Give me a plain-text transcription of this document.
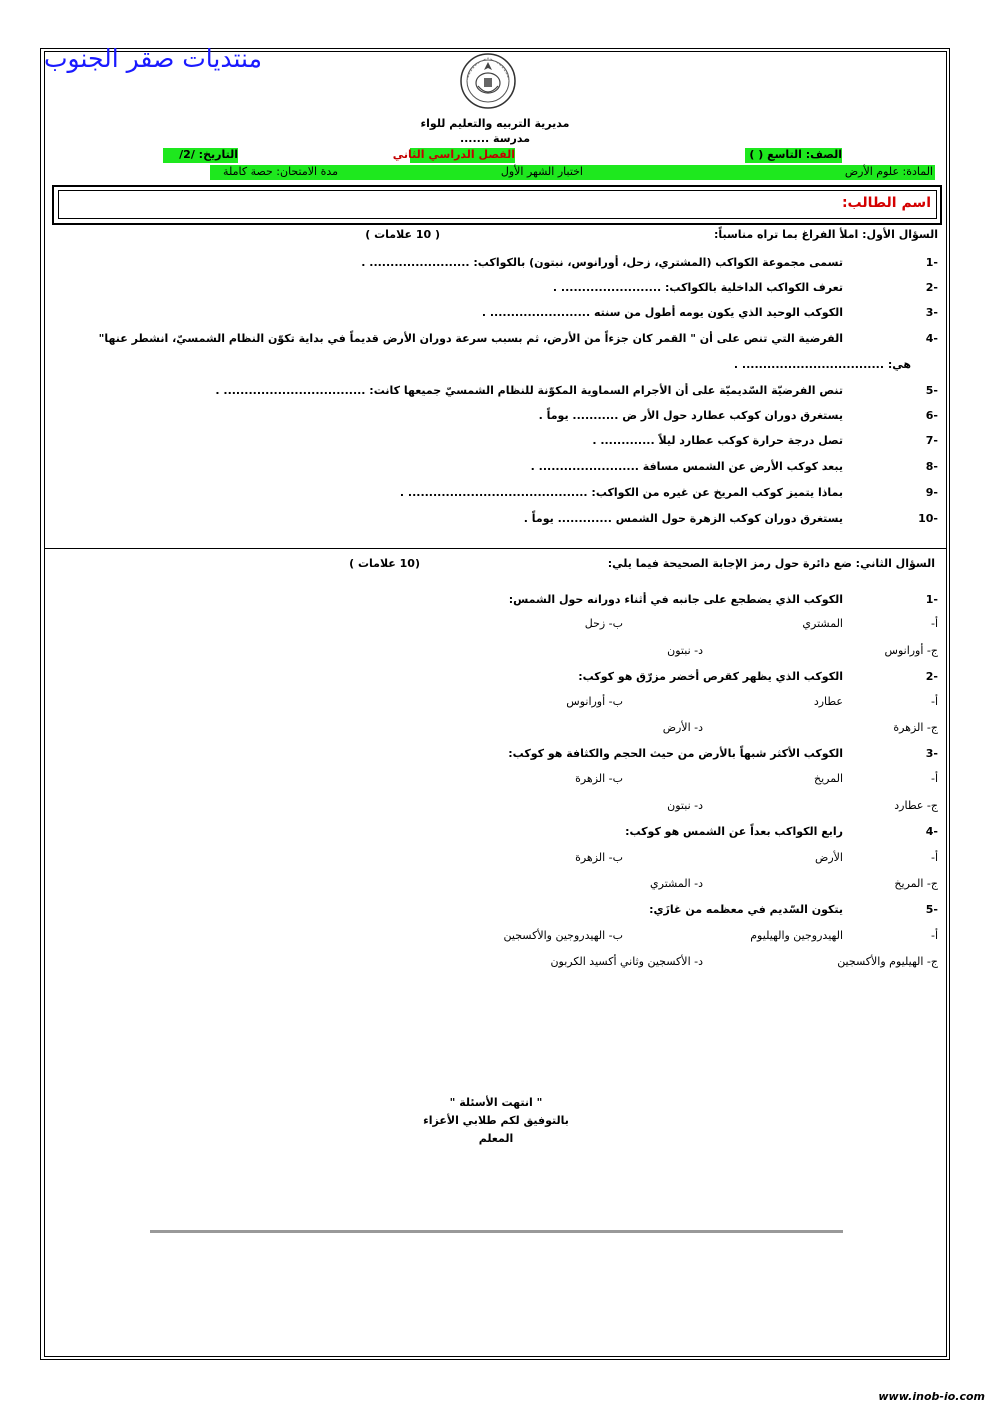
منتديات صقر الجنوب
مديرية التربيه والتعليم للواء
مدرسة .......
الصف: التاسع ( )
الفصل الدراسي الثاني
التاريخ: /2/
المادة: علوم الأرض
اختبار الشهر الأول
مدة الامتحان: حصة كاملة
اسم الطالب:
السؤال الأول: املأ الفراغ بما تراه مناسباً:
( 10 علامات )
-1
تسمى مجموعة الكواكب (المشتري، زحل، أورانوس، نبتون) بالكواكب: ........................ .
-2
تعرف الكواكب الداخلية بالكواكب: ........................ .
-3
الكوكب الوحيد الذي يكون يومه أطول من سنته ........................ .
-4
الفرضية التي تنص على أن " القمر كان جزءاً من الأرض، ثم بسبب سرعة دوران الأرض قديماً في بداية تكوّن النظام الشمسيّ، انشطر عنها"
هي: .................................. .
-5
تنص الفرضيّة السّديميّة على أن الأجرام السماوية المكوّنة للنظام الشمسيّ جميعها كانت: .................................. .
-6
يستغرق دوران كوكب عطارد حول الأر ض ........... يوماً .
-7
تصل درجة حرارة كوكب عطارد ليلاً ............. .
-8
يبعد كوكب الأرض عن الشمس مسافة ........................ .
-9
بماذا يتميز كوكب المريخ عن غيره من الكواكب: ........................................... .
-10
يستغرق دوران كوكب الزهرة حول الشمس ............. يوماً .
السؤال الثاني: ضع دائرة حول رمز الإجابة الصحيحة فيما يلي:
(10 علامات )
-1
الكوكب الذي يضطجع على جانبه في أثناء دورانه حول الشمس:
أ-
المشتري
ب- زحل
ج- أورانوس
د- نبتون
-2
الكوكب الذي يظهر كقرص أخضر مزرّق هو كوكب:
أ-
عطارد
ب- أورانوس
ج- الزهرة
د- الأرض
-3
الكوكب الأكثر شبهاً بالأرض من حيث الحجم والكثافة هو كوكب:
أ-
المريخ
ب- الزهرة
ج- عطارد
د- نبتون
-4
رابع الكواكب بعداً عن الشمس هو كوكب:
أ-
الأرض
ب- الزهرة
ج- المريخ
د- المشتري
-5
يتكون السّديم في معظمه من غازَي:
أ-
الهيدروجين والهيليوم
ب- الهيدروجين والأكسجين
ج- الهيليوم والأكسجين
د- الأكسجين وثاني أكسيد الكربون
" انتهت الأسئلة "
بالتوفيق لكم طلابي الأعزاء
المعلم
www.inob-io.com
